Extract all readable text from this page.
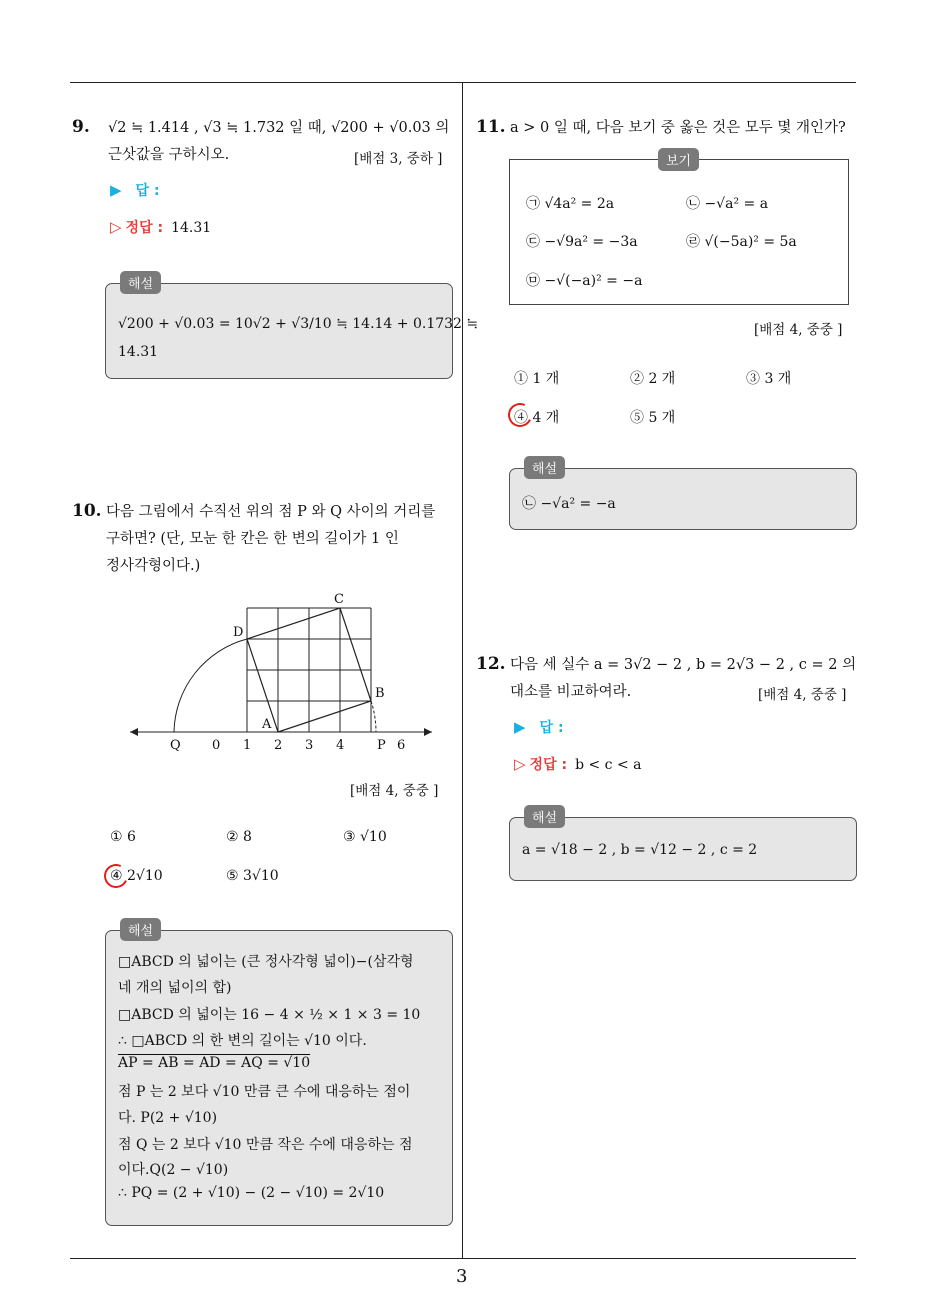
9. √2 ≒ 1.414 , √3 ≒ 1.732 일 때, √200 + √0.03 의
근삿값을 구하시오.	[배점 3, 중하 ]
▶ 답 :
▷ 정답 : 14.31
√200 + √0.03 = 10√2 + √3/10 ≒ 14.14 + 0.1732 ≒
14.31
해설
10. 다음 그림에서 수직선 위의 점 P 와 Q 사이의 거리를
구하면? (단, 모눈 한 칸은 한 변의 길이가 1 인
정사각형이다.)
C
D
B
A
Q 0 1 2 3 4	P 6
[배점 4, 중중 ]
① 6	② 8	③ √10
④ 2√10	⑤ 3√10
□ABCD 의 넓이는 (큰 정사각형 넓이)−(삼각형
네 개의 넓이의 합)
□ABCD 의 넓이는 16 − 4 × ½ × 1 × 3 = 10
∴ □ABCD 의 한 변의 길이는 √10 이다.
AP = AB = AD = AQ = √10
점 P 는 2 보다 √10 만큼 큰 수에 대응하는 점이
다. P(2 + √10)
점 Q 는 2 보다 √10 만큼 작은 수에 대응하는 점
이다.Q(2 − √10)
∴ PQ = (2 + √10) − (2 − √10) = 2√10
해설
11. a > 0 일 때, 다음 보기 중 옳은 것은 모두 몇 개인가?
㉠ √4a² = 2a	㉡ −√a² = a
㉢ −√9a² = −3a	㉣ √(−5a)² = 5a
㉤ −√(−a)² = −a
보기
[배점 4, 중중 ]
① 1 개	② 2 개	③ 3 개
④ 4 개	⑤ 5 개
㉡ −√a² = −a
해설
12. 다음 세 실수 a = 3√2 − 2 , b = 2√3 − 2 , c = 2 의
대소를 비교하여라.	[배점 4, 중중 ]
▶ 답 :
▷ 정답 : b < c < a
a = √18 − 2 , b = √12 − 2 , c = 2
해설
3
